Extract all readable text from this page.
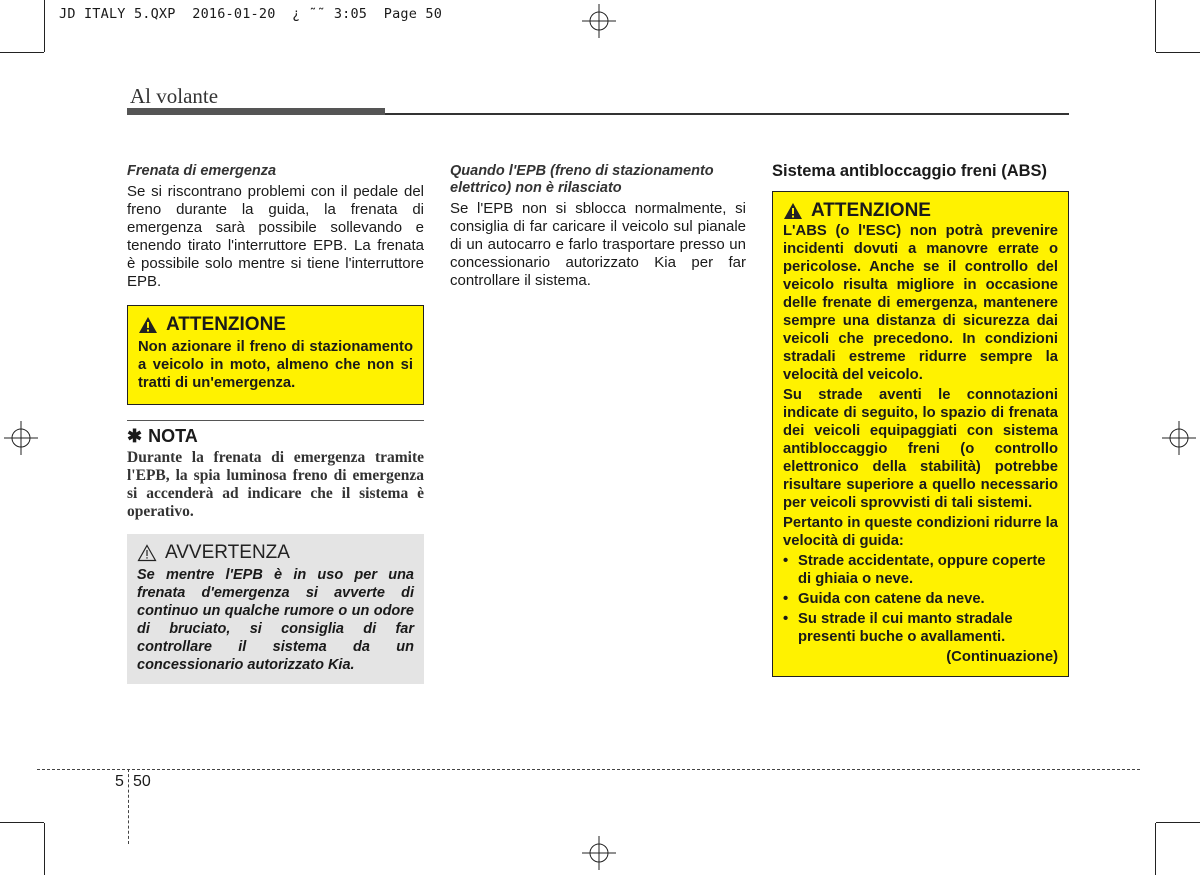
JD ITALY 5.QXP  2016-01-20  ¿ ˜˜ 3:05  Page 50
Al volante
Frenata di emergenza
Se si riscontrano problemi con il pedale del freno durante la guida, la frenata di emergenza sarà possibile sollevando e tenendo tirato l'interruttore EPB. La frenata è possibile solo mentre si tiene l'interruttore EPB.
ATTENZIONE
Non azionare il freno di stazionamento a veicolo in moto, almeno che non si tratti di un'emergenza.
✱ NOTA
Durante la frenata di emergenza tramite l'EPB, la spia luminosa freno di emergenza si accenderà ad indicare che il sistema è operativo.
AVVERTENZA
Se mentre l'EPB è in uso per una frenata d'emergenza si avverte di continuo un qualche rumore o un odore di bruciato, si consiglia di far controllare il sistema da un concessionario autorizzato Kia.
Quando l'EPB (freno di stazionamento elettrico) non è rilasciato
Se l'EPB non si sblocca normalmente, si consiglia di far caricare il veicolo sul pianale di un autocarro e farlo trasportare presso un concessionario autorizzato Kia per far controllare il sistema.
Sistema antibloccaggio freni (ABS)
ATTENZIONE
L'ABS (o l'ESC) non potrà prevenire incidenti dovuti a manovre errate o pericolose. Anche se il controllo del veicolo risulta migliore in occasione delle frenate di emergenza, mantenere sempre una distanza di sicurezza dai veicoli che precedono. In condizioni stradali estreme ridurre sempre la velocità del veicolo.
Su strade aventi le connotazioni indicate di seguito, lo spazio di frenata dei veicoli equipaggiati con sistema antibloccaggio freni (o controllo elettronico della stabilità) potrebbe risultare superiore a quello necessario per veicoli sprovvisti di tali sistemi.
Pertanto in queste condizioni ridurre la velocità di guida:
• Strade accidentate, oppure coperte di ghiaia o neve.
• Guida con catene da neve.
• Su strade il cui manto stradale presenti buche o avallamenti.
(Continuazione)
5 50
